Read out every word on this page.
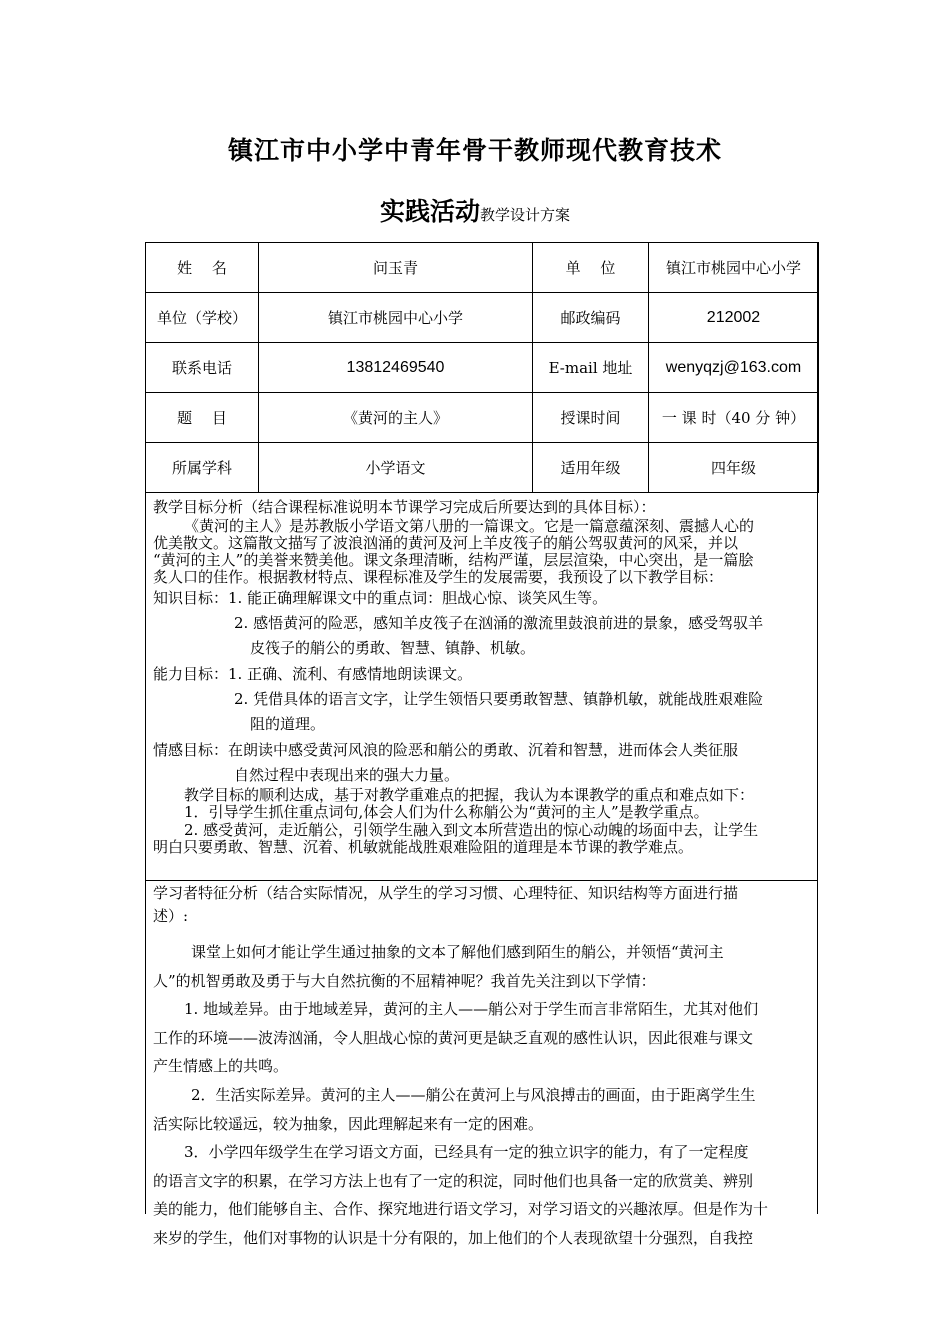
镇江市中小学中青年骨干教师现代教育技术
实践活动教学设计方案
姓　 名	问玉青	单　 位	镇江市桃园中心小学
单位（学校）	镇江市桃园中心小学	邮政编码	212002
联系电话	13812469540	E-mail 地址	wenyqzj@163.com
题　 目	《黄河的主人》	授课时间	一 课 时（40 分 钟）
所属学科	小学语文	适用年级	四年级
教学目标分析（结合课程标准说明本节课学习完成后所要达到的具体目标）：
《黄河的主人》是苏教版小学语文第八册的一篇课文。它是一篇意蕴深刻、震撼人心的
优美散文。这篇散文描写了波浪汹涌的黄河及河上羊皮筏子的艄公驾驭黄河的风采，并以
“黄河的主人”的美誉来赞美他。课文条理清晰，结构严谨，层层渲染，中心突出，是一篇脍
炙人口的佳作。根据教材特点、课程标准及学生的发展需要，我预设了以下教学目标：
知识目标：1. 能正确理解课文中的重点词：胆战心惊、谈笑风生等。
2. 感悟黄河的险恶，感知羊皮筏子在汹涌的激流里鼓浪前进的景象，感受驾驭羊
皮筏子的艄公的勇敢、智慧、镇静、机敏。
能力目标：1. 正确、流利、有感情地朗读课文。
2. 凭借具体的语言文字，让学生领悟只要勇敢智慧、镇静机敏，就能战胜艰难险
阻的道理。
情感目标：在朗读中感受黄河风浪的险恶和艄公的勇敢、沉着和智慧，进而体会人类征服
自然过程中表现出来的强大力量。
教学目标的顺利达成，基于对教学重难点的把握，我认为本课教学的重点和难点如下：
1．引导学生抓住重点词句,体会人们为什么称艄公为“黄河的主人”是教学重点。
2. 感受黄河，走近艄公，引领学生融入到文本所营造出的惊心动魄的场面中去，让学生
明白只要勇敢、智慧、沉着、机敏就能战胜艰难险阻的道理是本节课的教学难点。
学习者特征分析（结合实际情况，从学生的学习习惯、心理特征、知识结构等方面进行描
述）:
课堂上如何才能让学生通过抽象的文本了解他们感到陌生的艄公，并领悟“黄河主
人”的机智勇敢及勇于与大自然抗衡的不屈精神呢？我首先关注到以下学情：
1. 地域差异。由于地域差异，黄河的主人——艄公对于学生而言非常陌生，尤其对他们
工作的环境——波涛汹涌，令人胆战心惊的黄河更是缺乏直观的感性认识，因此很难与课文
产生情感上的共鸣。
2．生活实际差异。黄河的主人——艄公在黄河上与风浪搏击的画面，由于距离学生生
活实际比较遥远，较为抽象，因此理解起来有一定的困难。
3．小学四年级学生在学习语文方面，已经具有一定的独立识字的能力，有了一定程度
的语言文字的积累，在学习方法上也有了一定的积淀，同时他们也具备一定的欣赏美、辨别
美的能力，他们能够自主、合作、探究地进行语文学习，对学习语文的兴趣浓厚。但是作为十
来岁的学生，他们对事物的认识是十分有限的，加上他们的个人表现欲望十分强烈，自我控
